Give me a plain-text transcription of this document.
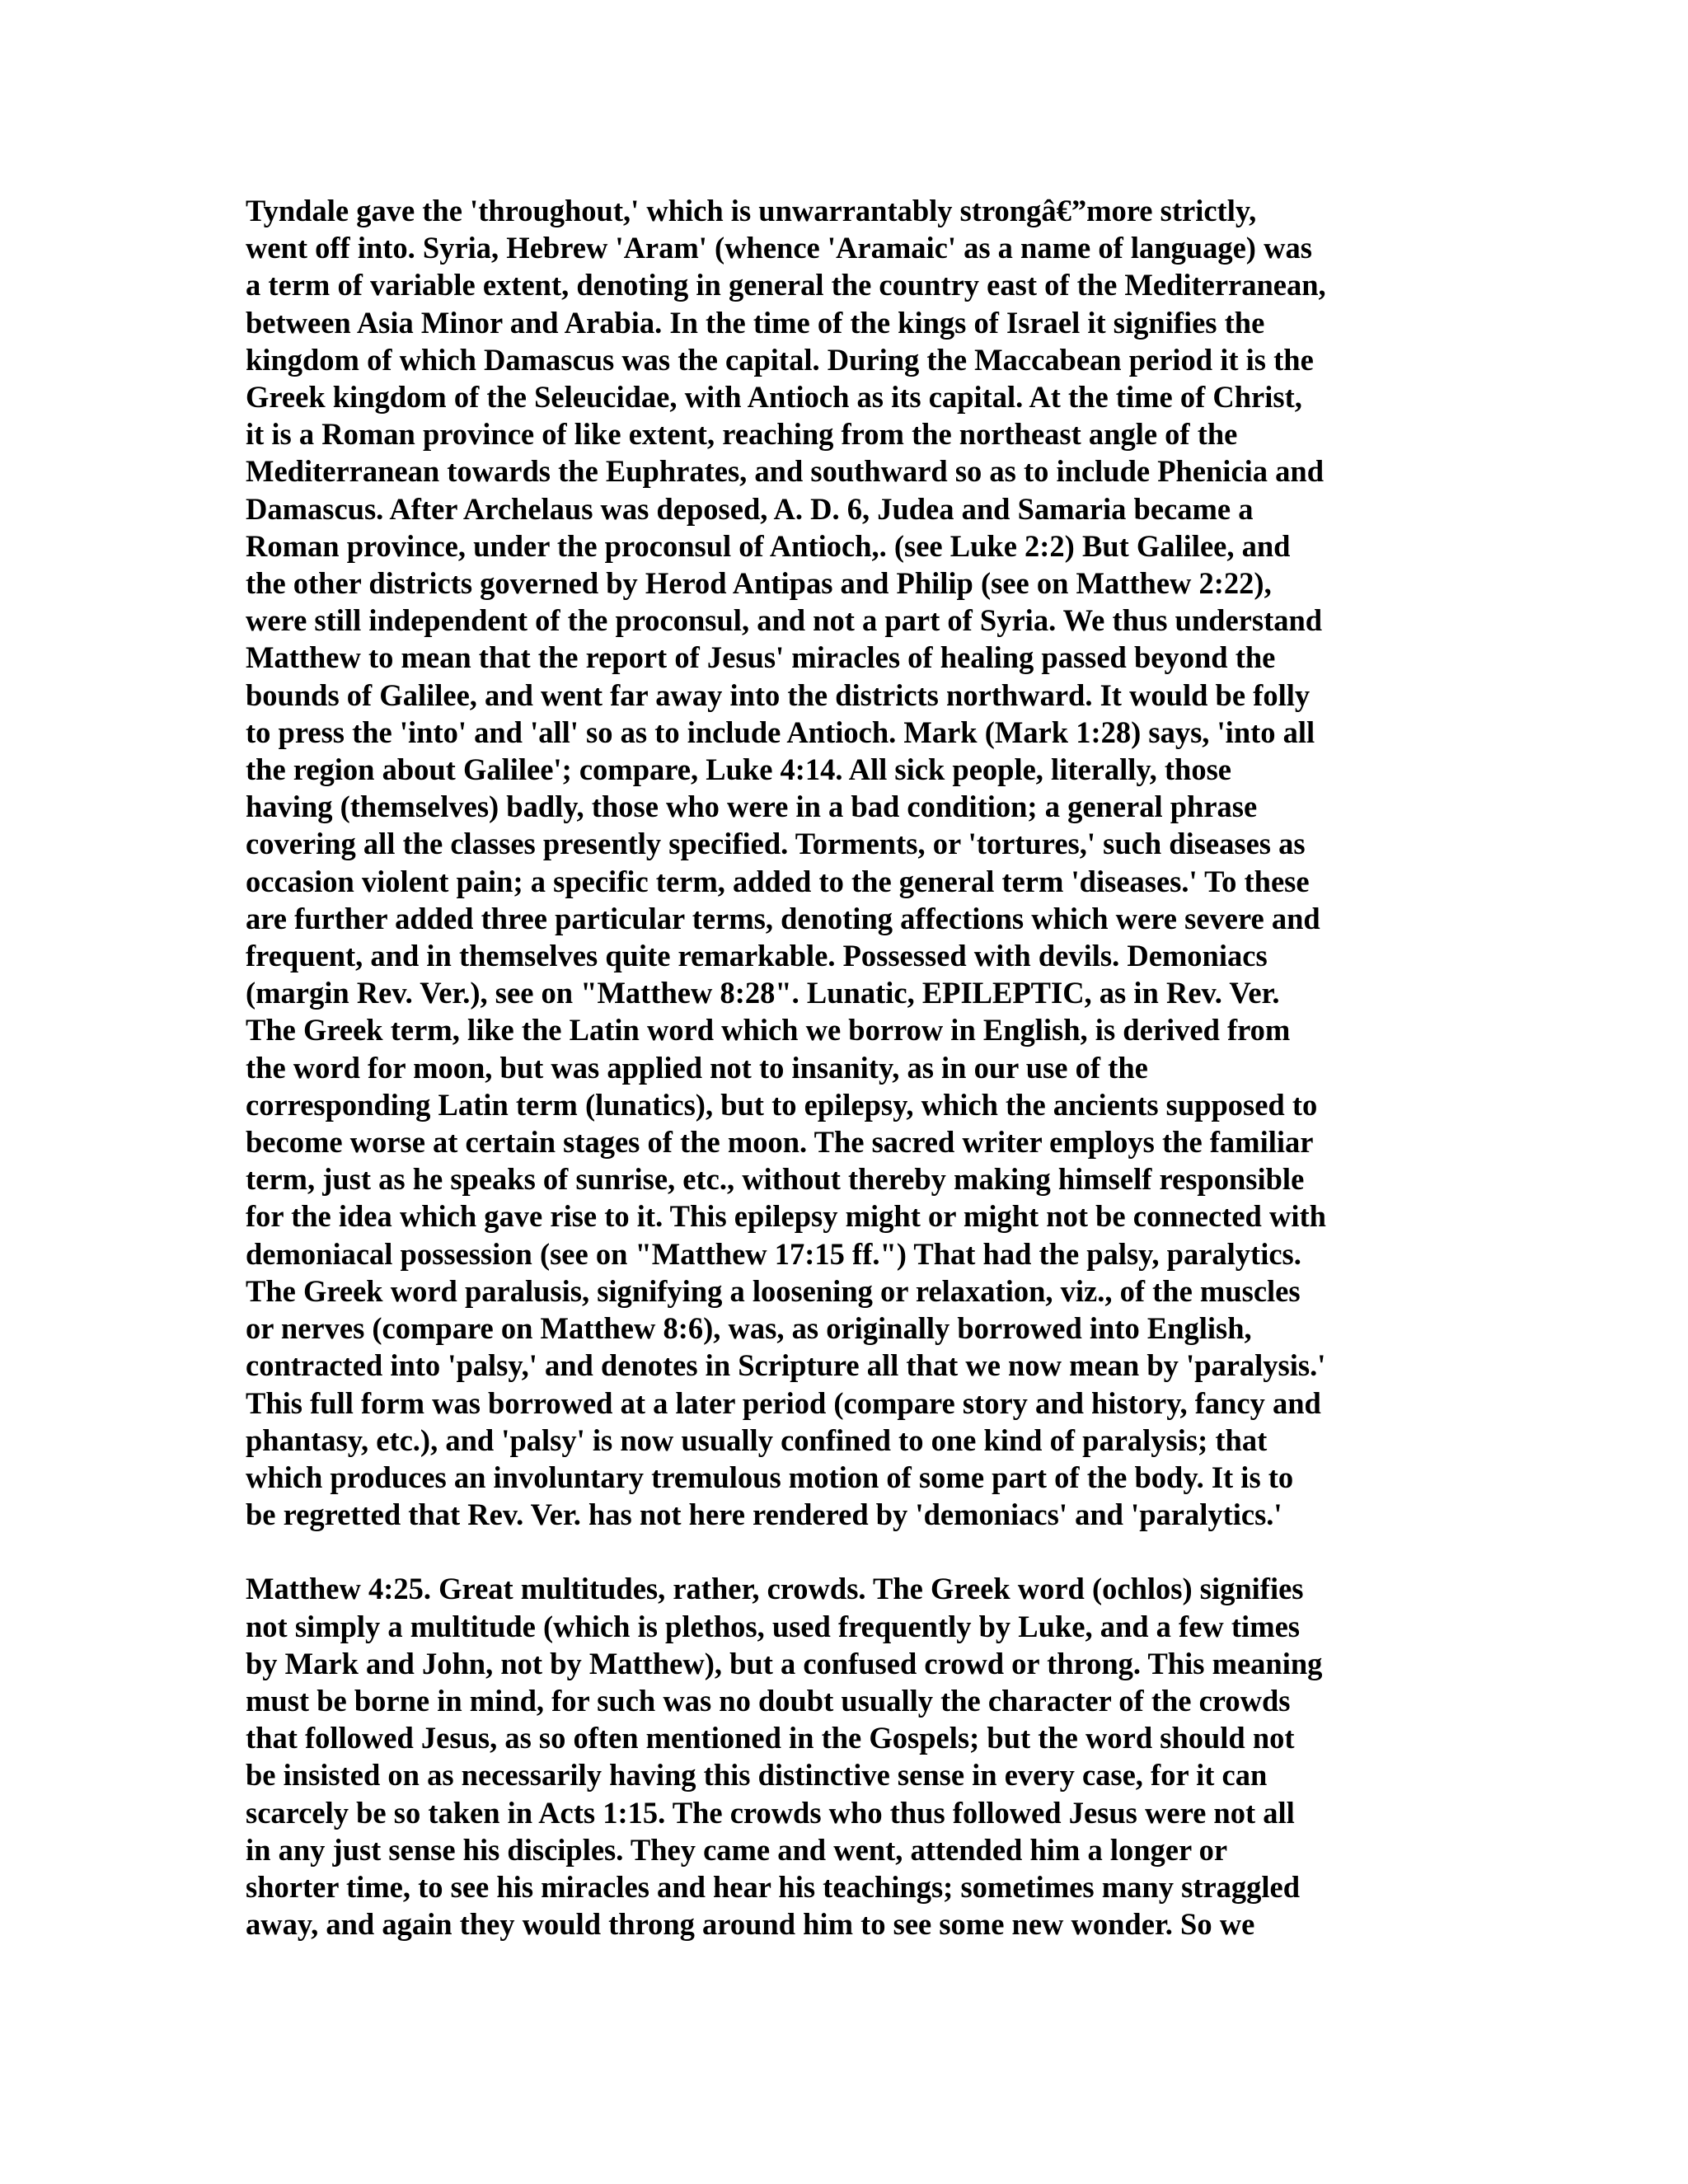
Tyndale gave the 'throughout,' which is unwarrantably strongâ€”more strictly,
went off into. Syria, Hebrew 'Aram' (whence 'Aramaic' as a name of language) was
a term of variable extent, denoting in general the country east of the Mediterranean,
between Asia Minor and Arabia. In the time of the kings of Israel it signifies the
kingdom of which Damascus was the capital. During the Maccabean period it is the
Greek kingdom of the Seleucidae, with Antioch as its capital. At the time of Christ,
it is a Roman province of like extent, reaching from the northeast angle of the
Mediterranean towards the Euphrates, and southward so as to include Phenicia and
Damascus. After Archelaus was deposed, A. D. 6, Judea and Samaria became a
Roman province, under the proconsul of Antioch,. (see Luke 2:2) But Galilee, and
the other districts governed by Herod Antipas and Philip (see on Matthew 2:22),
were still independent of the proconsul, and not a part of Syria. We thus understand
Matthew to mean that the report of Jesus' miracles of healing passed beyond the
bounds of Galilee, and went far away into the districts northward. It would be folly
to press the 'into' and 'all' so as to include Antioch. Mark (Mark 1:28) says, 'into all
the region about Galilee'; compare, Luke 4:14. All sick people, literally, those
having (themselves) badly, those who were in a bad condition; a general phrase
covering all the classes presently specified. Torments, or 'tortures,' such diseases as
occasion violent pain; a specific term, added to the general term 'diseases.' To these
are further added three particular terms, denoting affections which were severe and
frequent, and in themselves quite remarkable. Possessed with devils. Demoniacs
(margin Rev. Ver.), see on "Matthew 8:28". Lunatic, EPILEPTIC, as in Rev. Ver.
The Greek term, like the Latin word which we borrow in English, is derived from
the word for moon, but was applied not to insanity, as in our use of the
corresponding Latin term (lunatics), but to epilepsy, which the ancients supposed to
become worse at certain stages of the moon. The sacred writer employs the familiar
term, just as he speaks of sunrise, etc., without thereby making himself responsible
for the idea which gave rise to it. This epilepsy might or might not be connected with
demoniacal possession (see on "Matthew 17:15 ff.") That had the palsy, paralytics.
The Greek word paralusis, signifying a loosening or relaxation, viz., of the muscles
or nerves (compare on Matthew 8:6), was, as originally borrowed into English,
contracted into 'palsy,' and denotes in Scripture all that we now mean by 'paralysis.'
This full form was borrowed at a later period (compare story and history, fancy and
phantasy, etc.), and 'palsy' is now usually confined to one kind of paralysis; that
which produces an involuntary tremulous motion of some part of the body. It is to
be regretted that Rev. Ver. has not here rendered by 'demoniacs' and 'paralytics.'

Matthew 4:25. Great multitudes, rather, crowds. The Greek word (ochlos) signifies
not simply a multitude (which is plethos, used frequently by Luke, and a few times
by Mark and John, not by Matthew), but a confused crowd or throng. This meaning
must be borne in mind, for such was no doubt usually the character of the crowds
that followed Jesus, as so often mentioned in the Gospels; but the word should not
be insisted on as necessarily having this distinctive sense in every case, for it can
scarcely be so taken in Acts 1:15. The crowds who thus followed Jesus were not all
in any just sense his disciples. They came and went, attended him a longer or
shorter time, to see his miracles and hear his teachings; sometimes many straggled
away, and again they would throng around him to see some new wonder. So we
